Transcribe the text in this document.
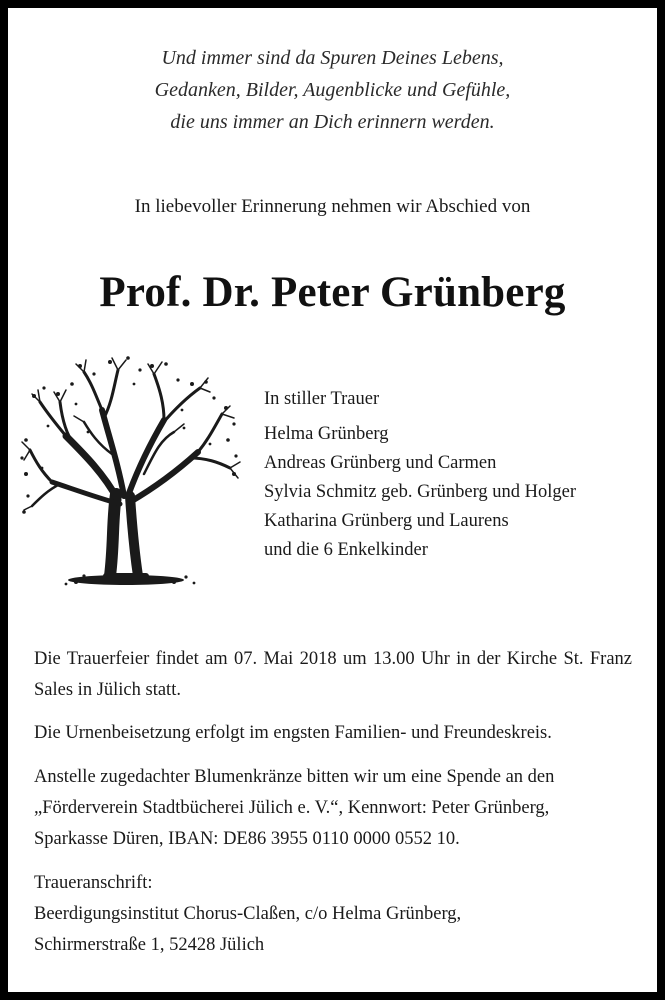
Und immer sind da Spuren Deines Lebens,
Gedanken, Bilder, Augenblicke und Gefühle,
die uns immer an Dich erinnern werden.
In liebevoller Erinnerung nehmen wir Abschied von
Prof. Dr. Peter Grünberg
In stiller Trauer
Helma Grünberg
Andreas Grünberg und Carmen
Sylvia Schmitz geb. Grünberg und Holger
Katharina Grünberg und Laurens
und die 6 Enkelkinder
Die Trauerfeier findet am 07. Mai 2018 um 13.00 Uhr in der Kirche St. Franz Sales in Jülich statt.
Die Urnenbeisetzung erfolgt im engsten Familien- und Freundeskreis.
Anstelle zugedachter Blumenkränze bitten wir um eine Spende an den
„Förderverein Stadtbücherei Jülich e. V.“, Kennwort: Peter Grünberg,
Sparkasse Düren, IBAN: DE86 3955 0110 0000 0552 10.
Traueranschrift:
Beerdigungsinstitut Chorus-Claßen, c/o Helma Grünberg,
Schirmerstraße 1, 52428 Jülich
